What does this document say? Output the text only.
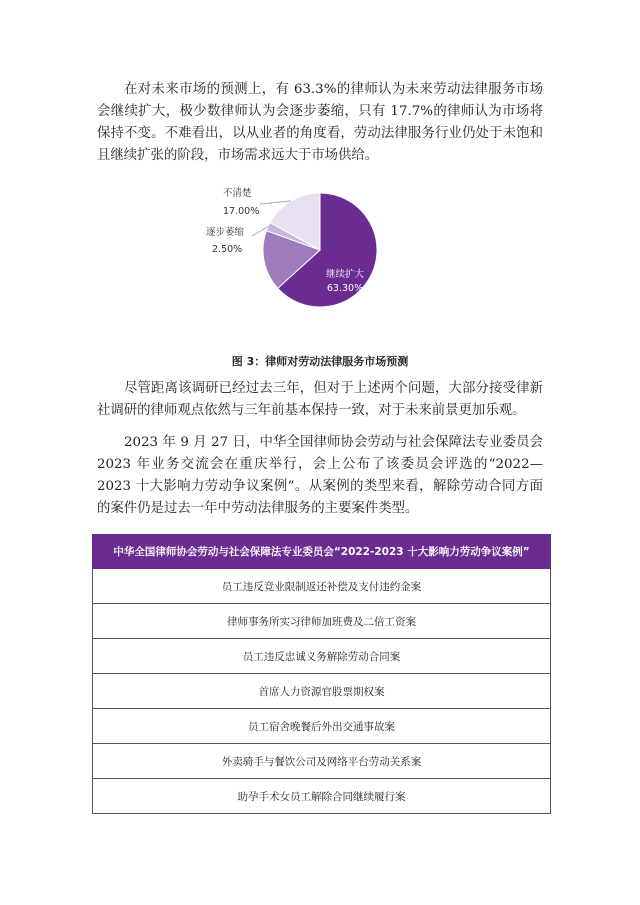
在对未来市场的预测上，有 63.3%的律师认为未来劳动法律服务市场会继续扩大，极少数律师认为会逐步萎缩，只有 17.7%的律师认为市场将保持不变。不难看出，以从业者的角度看，劳动法律服务行业仍处于未饱和且继续扩张的阶段，市场需求远大于市场供给。

继续扩大
63.30%
逐步萎缩
2.50%
不清楚
17.00%
图 3：律师对劳动法律服务市场预测

尽管距离该调研已经过去三年，但对于上述两个问题，大部分接受律新社调研的律师观点依然与三年前基本保持一致，对于未来前景更加乐观。

2023 年 9 月 27 日，中华全国律师协会劳动与社会保障法专业委员会 2023 年业务交流会在重庆举行，会上公布了该委员会评选的“2022—2023 十大影响力劳动争议案例”。从案例的类型来看，解除劳动合同方面的案件仍是过去一年中劳动法律服务的主要案件类型。

中华全国律师协会劳动与社会保障法专业委员会“2022-2023 十大影响力劳动争议案例”
员工违反竞业限制返还补偿及支付违约金案
律师事务所实习律师加班费及二倍工资案
员工违反忠诚义务解除劳动合同案
首席人力资源官股票期权案
员工宿舍晚餐后外出交通事故案
外卖骑手与餐饮公司及网络平台劳动关系案
助孕手术女员工解除合同继续履行案
